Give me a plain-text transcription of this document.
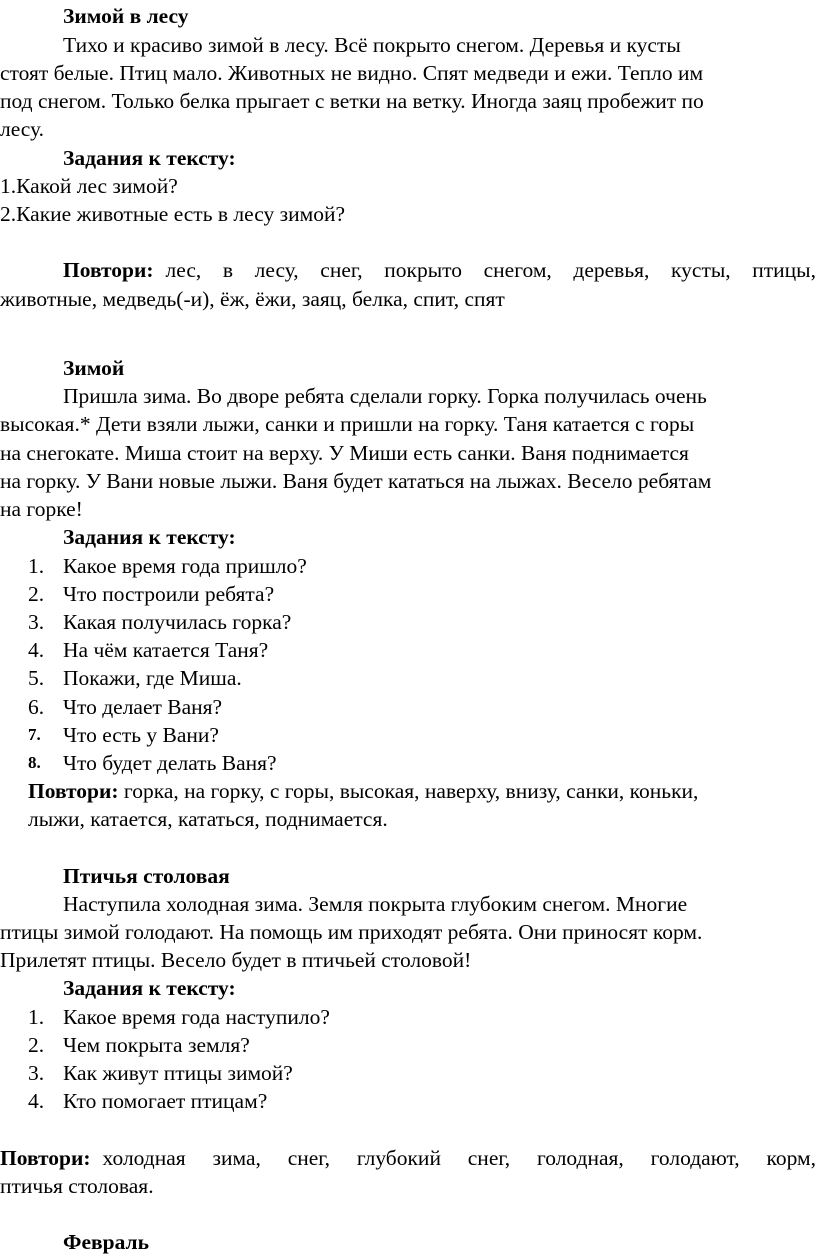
Зимой в лесу
Тихо и красиво зимой в лесу. Всё покрыто снегом. Деревья и кусты
стоят белые. Птиц мало. Животных не видно. Спят медведи и ежи. Тепло им
под снегом. Только белка прыгает с ветки на ветку. Иногда заяц пробежит по
лесу.
Задания к тексту:
1.Какой лес зимой?
2.Какие животные есть в лесу зимой?
Повтори: лес, в лесу, снег, покрыто снегом, деревья, кусты, птицы,
животные, медведь(-и), ёж, ёжи, заяц, белка, спит, спят
Зимой
Пришла зима. Во дворе ребята сделали горку. Горка получилась очень
высокая.* Дети взяли лыжи, санки и пришли на горку. Таня катается с горы
на снегокате. Миша стоит на верху. У Миши есть санки. Ваня поднимается
на горку. У Вани новые лыжи. Ваня будет кататься на лыжах. Весело ребятам
на горке!
Задания к тексту:
1. Какое время года пришло?
2. Что построили ребята?
3. Какая получилась горка?
4. На чём катается Таня?
5. Покажи, где Миша.
6. Что делает Ваня?
7. Что есть у Вани?
8. Что будет делать Ваня?
Повтори: горка, на горку, с горы, высокая, наверху, внизу, санки, коньки,
лыжи, катается, кататься, поднимается.
Птичья столовая
Наступила холодная зима. Земля покрыта глубоким снегом. Многие
птицы зимой голодают. На помощь им приходят ребята. Они приносят корм.
Прилетят птицы. Весело будет в птичьей столовой!
Задания к тексту:
1. Какое время года наступило?
2. Чем покрыта земля?
3. Как живут птицы зимой?
4. Кто помогает птицам?
Повтори: холодная зима, снег, глубокий снег, голодная, голодают, корм,
птичья столовая.
Февраль
